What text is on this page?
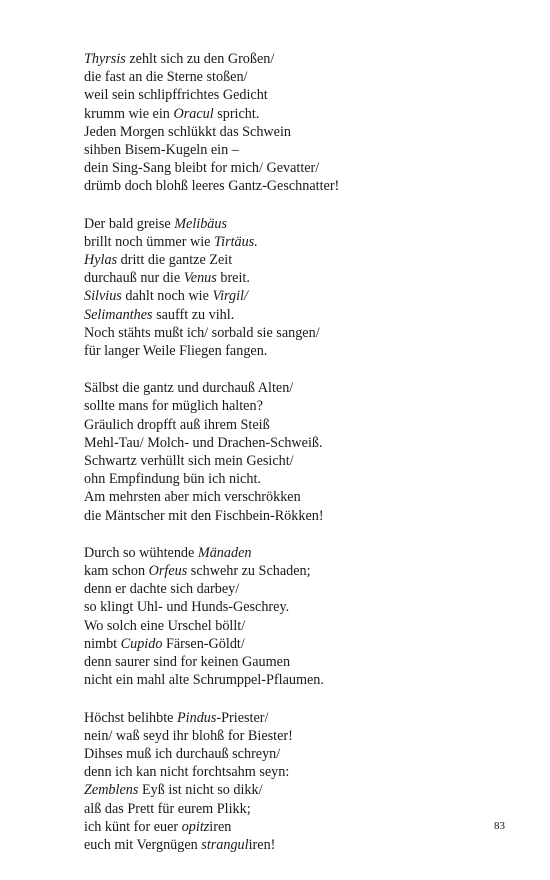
Thyrsis zehlt sich zu den Großen/
die fast an die Sterne stoßen/
weil sein schlipffrichtes Gedicht
krumm wie ein Oracul spricht.
Jeden Morgen schlükkt das Schwein
sihben Bisem-Kugeln ein –
dein Sing-Sang bleibt for mich/ Gevatter/
drümb doch blohß leeres Gantz-Geschnatter!
Der bald greise Melibäus
brillt noch ümmer wie Tirtäus.
Hylas dritt die gantze Zeit
durchauß nur die Venus breit.
Silvius dahlt noch wie Virgil/
Selimanthes saufft zu vihl.
Noch stähts mußt ich/ sorbald sie sangen/
für langer Weile Fliegen fangen.
Sälbst die gantz und durchauß Alten/
sollte mans for müglich halten?
Gräulich dropfft auß ihrem Steiß
Mehl-Tau/ Molch- und Drachen-Schweiß.
Schwartz verhüllt sich mein Gesicht/
ohn Empfindung bün ich nicht.
Am mehrsten aber mich verschrökken
die Mäntscher mit den Fischbein-Rökken!
Durch so wühtende Mänaden
kam schon Orfeus schwehr zu Schaden;
denn er dachte sich darbey/
so klingt Uhl- und Hunds-Geschrey.
Wo solch eine Urschel böllt/
nimbt Cupido Färsen-Göldt/
denn saurer sind for keinen Gaumen
nicht ein mahl alte Schrumppel-Pflaumen.
Höchst belihbte Pindus-Priester/
nein/ waß seyd ihr blohß for Biester!
Dihses muß ich durchauß schreyn/
denn ich kan nicht forchtsahm seyn:
Zemblens Eyß ist nicht so dikk/
alß das Prett für eurem Plikk;
ich künt for euer opitziren
euch mit Vergnügen stranguliren!
83
